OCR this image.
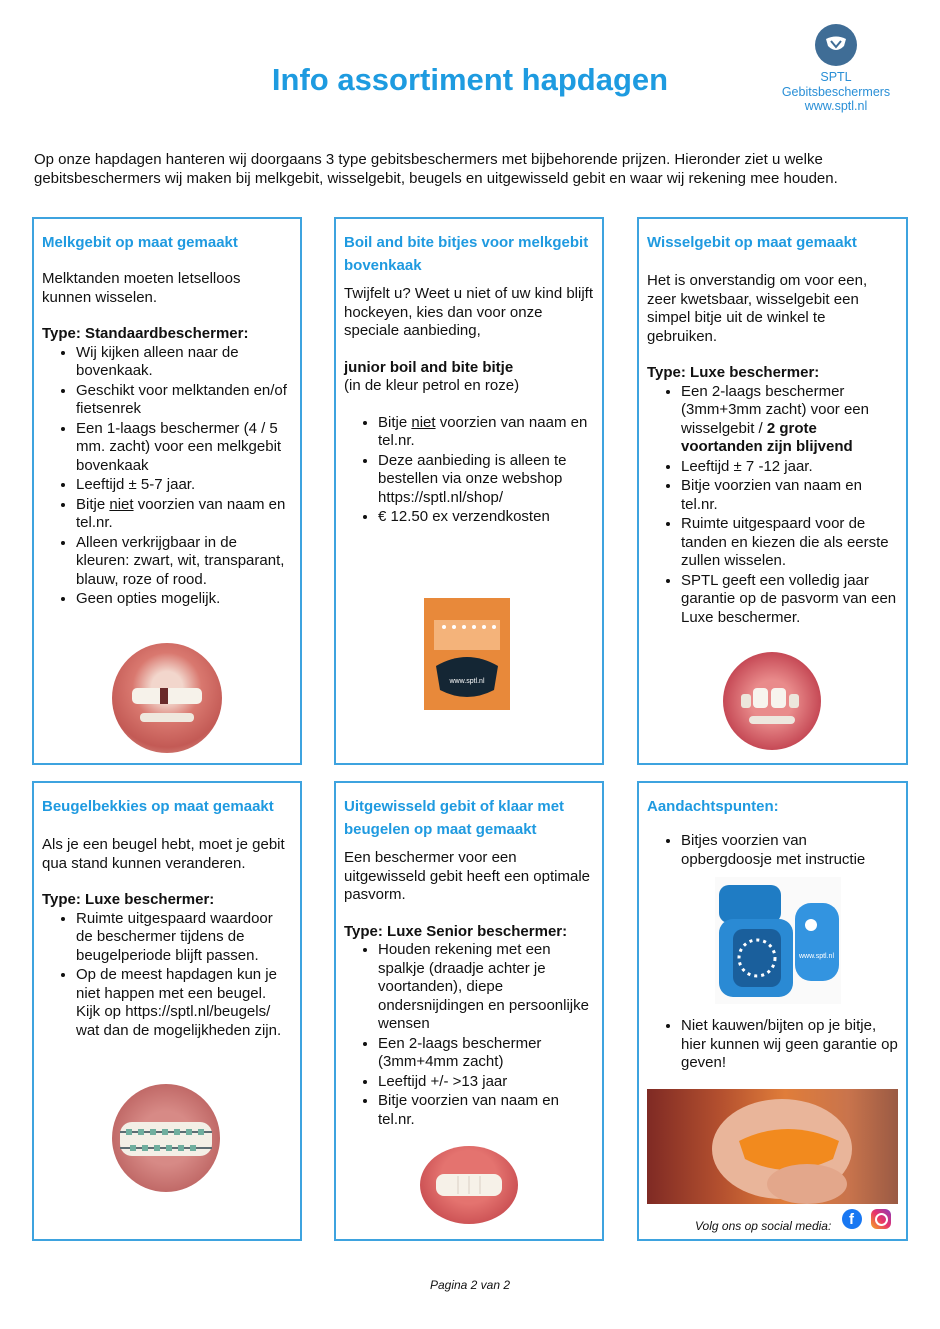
Info assortiment hapdagen	SPTL
Gebitsbeschermers
www.sptl.nl
Op onze hapdagen hanteren wij doorgaans 3 type gebitsbeschermers met bijbehorende prijzen. Hieronder ziet u welke gebitsbeschermers wij maken bij melkgebit, wisselgebit, beugels en uitgewisseld gebit en waar wij rekening mee houden.
Melkgebit op maat gemaakt

Melktanden moeten letselloos kunnen wisselen.

Type: Standaardbeschermer:

• Wij kijken alleen naar de bovenkaak.
• Geschikt voor melktanden en/of fietsenrek
• Een 1-laags beschermer (4 / 5 mm. zacht) voor een melkgebit bovenkaak
• Leeftijd ± 5-7 jaar.
• Bitje niet voorzien van naam en tel.nr.
• Alleen verkrijgbaar in de kleuren: zwart, wit, transparant, blauw, roze of rood.
• Geen opties mogelijk.
Boil and bite bitjes voor melkgebit bovenkaak

Twijfelt u? Weet u niet of uw kind blijft hockeyen, kies dan voor onze speciale aanbieding,

junior boil and bite bitje

(in de kleur petrol en roze)

• Bitje niet voorzien van naam en tel.nr.
• Deze aanbieding is alleen te bestellen via onze webshop https://sptl.nl/shop/
• € 12.50 ex verzendkosten
www.sptl.nl
Wisselgebit op maat gemaakt

Het is onverstandig om voor een, zeer kwetsbaar, wisselgebit een simpel bitje uit de winkel te gebruiken.

Type: Luxe beschermer:

• Een 2-laags beschermer (3mm+3mm zacht) voor een wisselgebit / 2 grote voortanden zijn blijvend
• Leeftijd ± 7 -12 jaar.
• Bitje voorzien van naam en tel.nr.
• Ruimte uitgespaard voor de tanden en kiezen die als eerste zullen wisselen.
• SPTL geeft een volledig jaar garantie op de pasvorm van een Luxe beschermer.
Beugelbekkies op maat gemaakt

Als je een beugel hebt, moet je gebit qua stand kunnen veranderen.

Type: Luxe beschermer:

• Ruimte uitgespaard waardoor de beschermer tijdens de beugelperiode blijft passen.
• Op de meest hapdagen kun je niet happen met een beugel. Kijk op https://sptl.nl/beugels/ wat dan de mogelijkheden zijn.
Uitgewisseld gebit of klaar met beugelen op maat gemaakt

Een beschermer voor een uitgewisseld gebit heeft een optimale pasvorm.

Type: Luxe Senior beschermer:

• Houden rekening met een spalkje (draadje achter je voortanden), diepe ondersnijdingen en persoonlijke wensen
• Een 2-laags beschermer (3mm+4mm zacht)
• Leeftijd +/- >13 jaar
• Bitje voorzien van naam en tel.nr.
Aandachtspunten:
• Bitjes voorzien van opbergdoosje met instructie
• Niet kauwen/bijten op je bitje, hier kunnen wij geen garantie op geven!
www.sptl.nl
Volg ons op social media: f
Pagina 2 van 2
